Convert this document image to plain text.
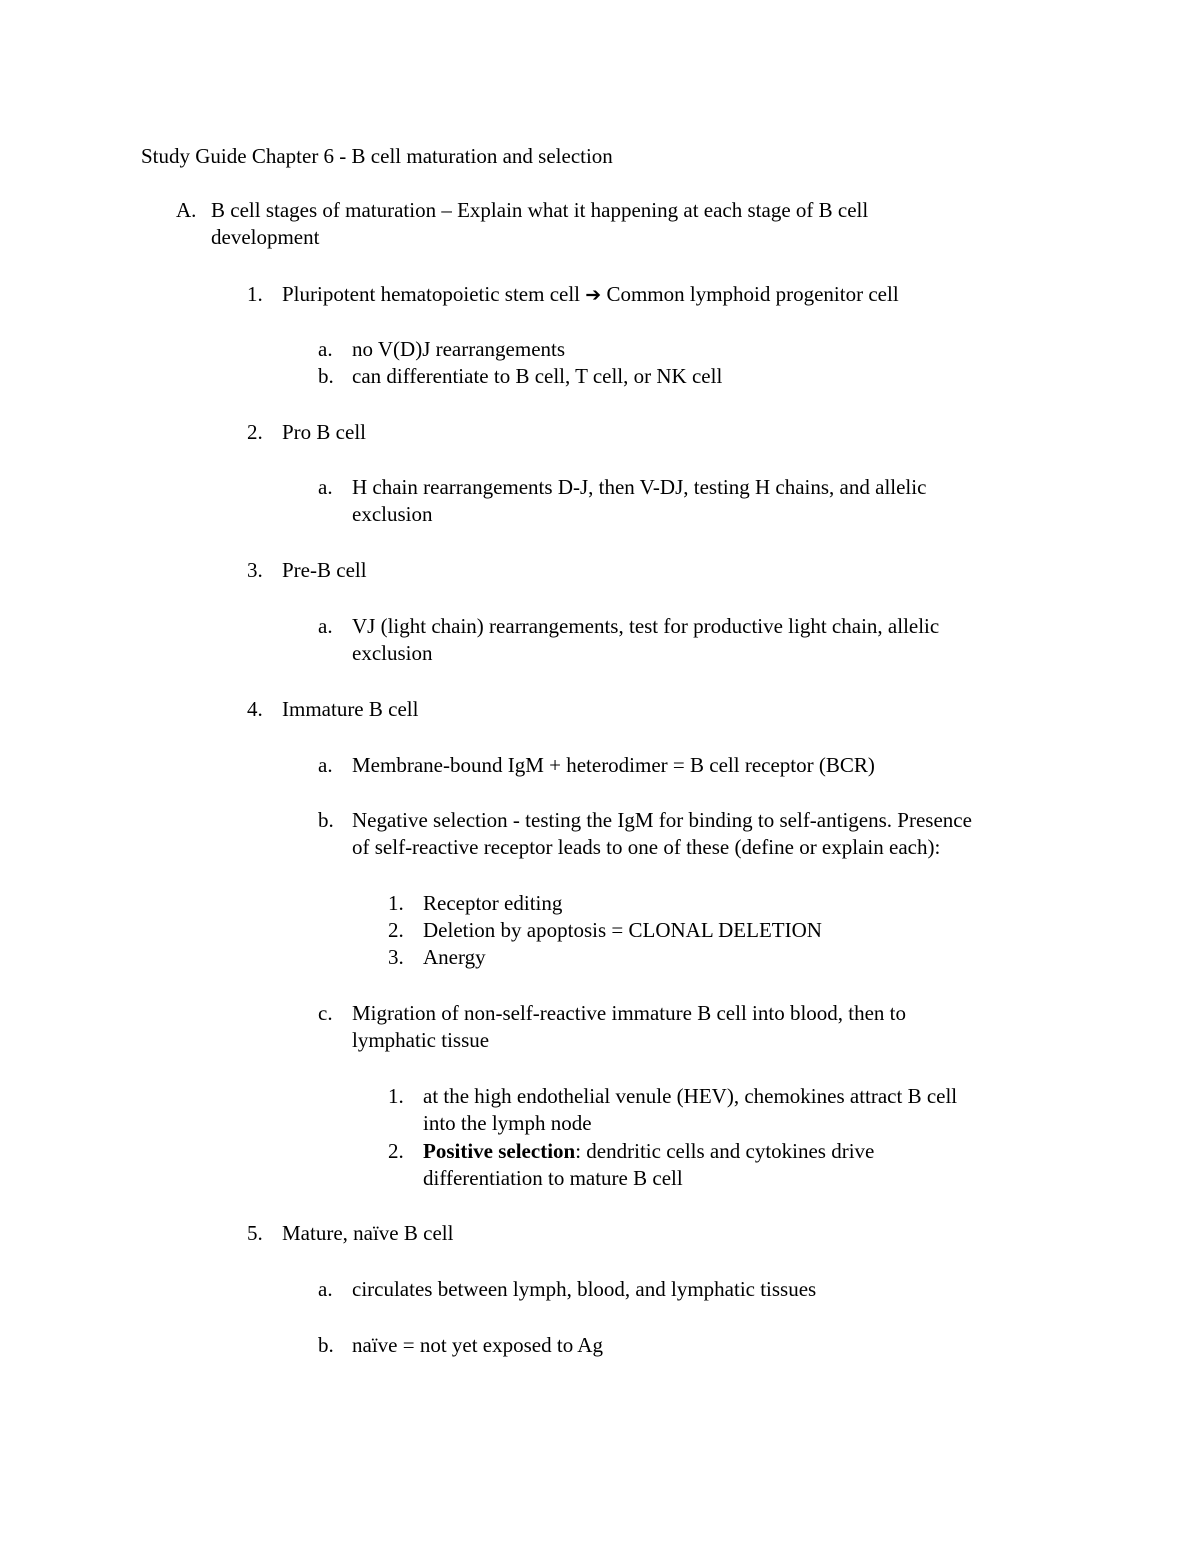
Study Guide Chapter 6 - B cell maturation and selection
A. B cell stages of maturation – Explain what it happening at each stage of B cell
development
1. Pluripotent hematopoietic stem cell ➔ Common lymphoid progenitor cell
a. no V(D)J rearrangements
b. can differentiate to B cell, T cell, or NK cell
2. Pro B cell
a. H chain rearrangements D-J, then V-DJ, testing H chains, and allelic
exclusion
3. Pre-B cell
a. VJ (light chain) rearrangements, test for productive light chain, allelic
exclusion
4. Immature B cell
a. Membrane-bound IgM + heterodimer = B cell receptor (BCR)
b. Negative selection - testing the IgM for binding to self-antigens. Presence
of self-reactive receptor leads to one of these (define or explain each):
1. Receptor editing
2. Deletion by apoptosis = CLONAL DELETION
3. Anergy
c. Migration of non-self-reactive immature B cell into blood, then to
lymphatic tissue
1. at the high endothelial venule (HEV), chemokines attract B cell
into the lymph node
2. Positive selection: dendritic cells and cytokines drive
differentiation to mature B cell
5. Mature, naïve B cell
a. circulates between lymph, blood, and lymphatic tissues
b. naïve = not yet exposed to Ag
